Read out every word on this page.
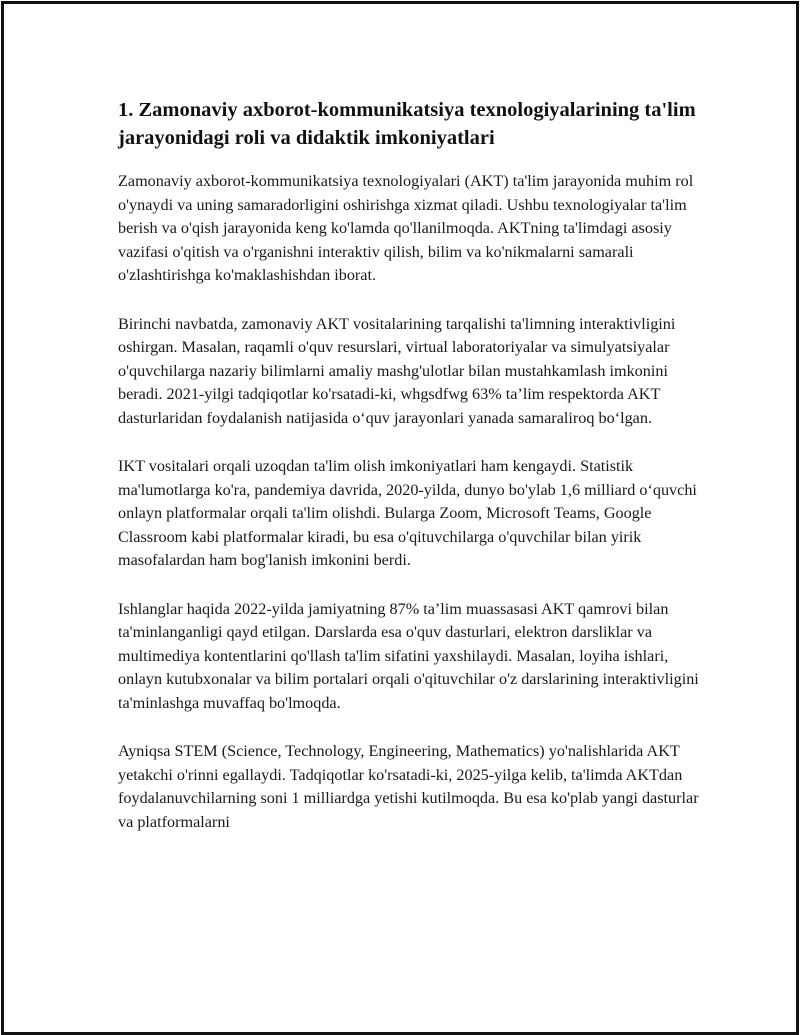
1. Zamonaviy axborot-kommunikatsiya texnologiyalarining ta'lim jarayonidagi roli va didaktik imkoniyatlari

Zamonaviy axborot-kommunikatsiya texnologiyalari (AKT) ta'lim jarayonida muhim rol o'ynaydi va uning samaradorligini oshirishga xizmat qiladi. Ushbu texnologiyalar ta'lim berish va o'qish jarayonida keng ko'lamda qo'llanilmoqda. AKTning ta'limdagi asosiy vazifasi o'qitish va o'rganishni interaktiv qilish, bilim va ko'nikmalarni samarali o'zlashtirishga ko'maklashishdan iborat.

Birinchi navbatda, zamonaviy AKT vositalarining tarqalishi ta'limning interaktivligini oshirgan. Masalan, raqamli o'quv resurslari, virtual laboratoriyalar va simulyatsiyalar o'quvchilarga nazariy bilimlarni amaliy mashg'ulotlar bilan mustahkamlash imkonini beradi. 2021-yilgi tadqiqotlar ko'rsatadi-ki, whgsdfwg 63% ta’lim respektorda AKT dasturlaridan foydalanish natijasida o‘quv jarayonlari yanada samaraliroq bo‘lgan.

IKT vositalari orqali uzoqdan ta'lim olish imkoniyatlari ham kengaydi. Statistik ma'lumotlarga ko'ra, pandemiya davrida, 2020-yilda, dunyo bo'ylab 1,6 milliard o‘quvchi onlayn platformalar orqali ta'lim olishdi. Bularga Zoom, Microsoft Teams, Google Classroom kabi platformalar kiradi, bu esa o'qituvchilarga o'quvchilar bilan yirik masofalardan ham bog'lanish imkonini berdi.

Ishlanglar haqida 2022-yilda jamiyatning 87% ta’lim muassasasi AKT qamrovi bilan ta'minlanganligi qayd etilgan. Darslarda esa o'quv dasturlari, elektron darsliklar va multimediya kontentlarini qo'llash ta'lim sifatini yaxshilaydi. Masalan, loyiha ishlari, onlayn kutubxonalar va bilim portalari orqali o'qituvchilar o'z darslarining interaktivligini ta'minlashga muvaffaq bo'lmoqda.

Ayniqsa STEM (Science, Technology, Engineering, Mathematics) yo'nalishlarida AKT yetakchi o'rinni egallaydi. Tadqiqotlar ko'rsatadi-ki, 2025-yilga kelib, ta'limda AKTdan foydalanuvchilarning soni 1 milliardga yetishi kutilmoqda. Bu esa ko'plab yangi dasturlar va platformalarni
